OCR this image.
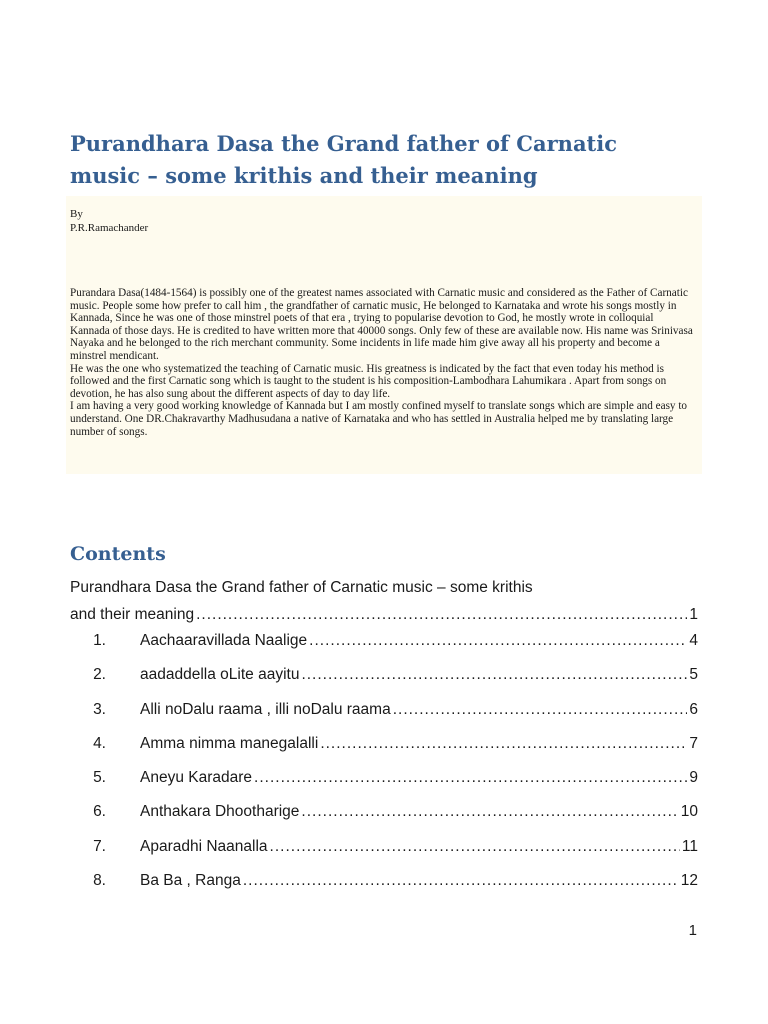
Purandhara Dasa the Grand father of Carnatic
music – some krithis and their meaning
By
P.R.Ramachander

Purandara Dasa(1484-1564) is possibly one of the greatest names associated with Carnatic music and considered as the Father of Carnatic music. People some how prefer to call him , the grandfather of carnatic music, He belonged to Karnataka and wrote his songs mostly in Kannada, Since he was one of those minstrel poets of that era , trying to popularise devotion to God, he mostly wrote in colloquial Kannada of those days. He is credited to have written more that 40000 songs. Only few of these are available now. His name was Srinivasa Nayaka and he belonged to the rich merchant community. Some incidents in life made him give away all his property and become a minstrel mendicant.

He was the one who systematized the teaching of Carnatic music. His greatness is indicated by the fact that even today his method is followed and the first Carnatic song which is taught to the student is his composition-Lambodhara Lahumikara . Apart from songs on devotion, he has also sung about the different aspects of day to day life.

I am having a very good working knowledge of Kannada but I am mostly confined myself to translate songs which are simple and easy to understand. One DR.Chakravarthy Madhusudana a native of Karnataka and who has settled in Australia helped me by translating large number of songs.

Contents
Purandhara Dasa the Grand father of Carnatic music – some krithis
and their meaning .....	1
1. Aachaaravillada Naalige .....	4
2. aadaddella oLite aayitu .....	5
3. Alli noDalu raama , illi noDalu raama .....	6
4. Amma nimma manegalalli .....	7
5. Aneyu Karadare .....	9
6. Anthakara Dhootharige .....	10
7. Aparadhi Naanalla .....	11
8. Ba Ba , Ranga .....	12
1
